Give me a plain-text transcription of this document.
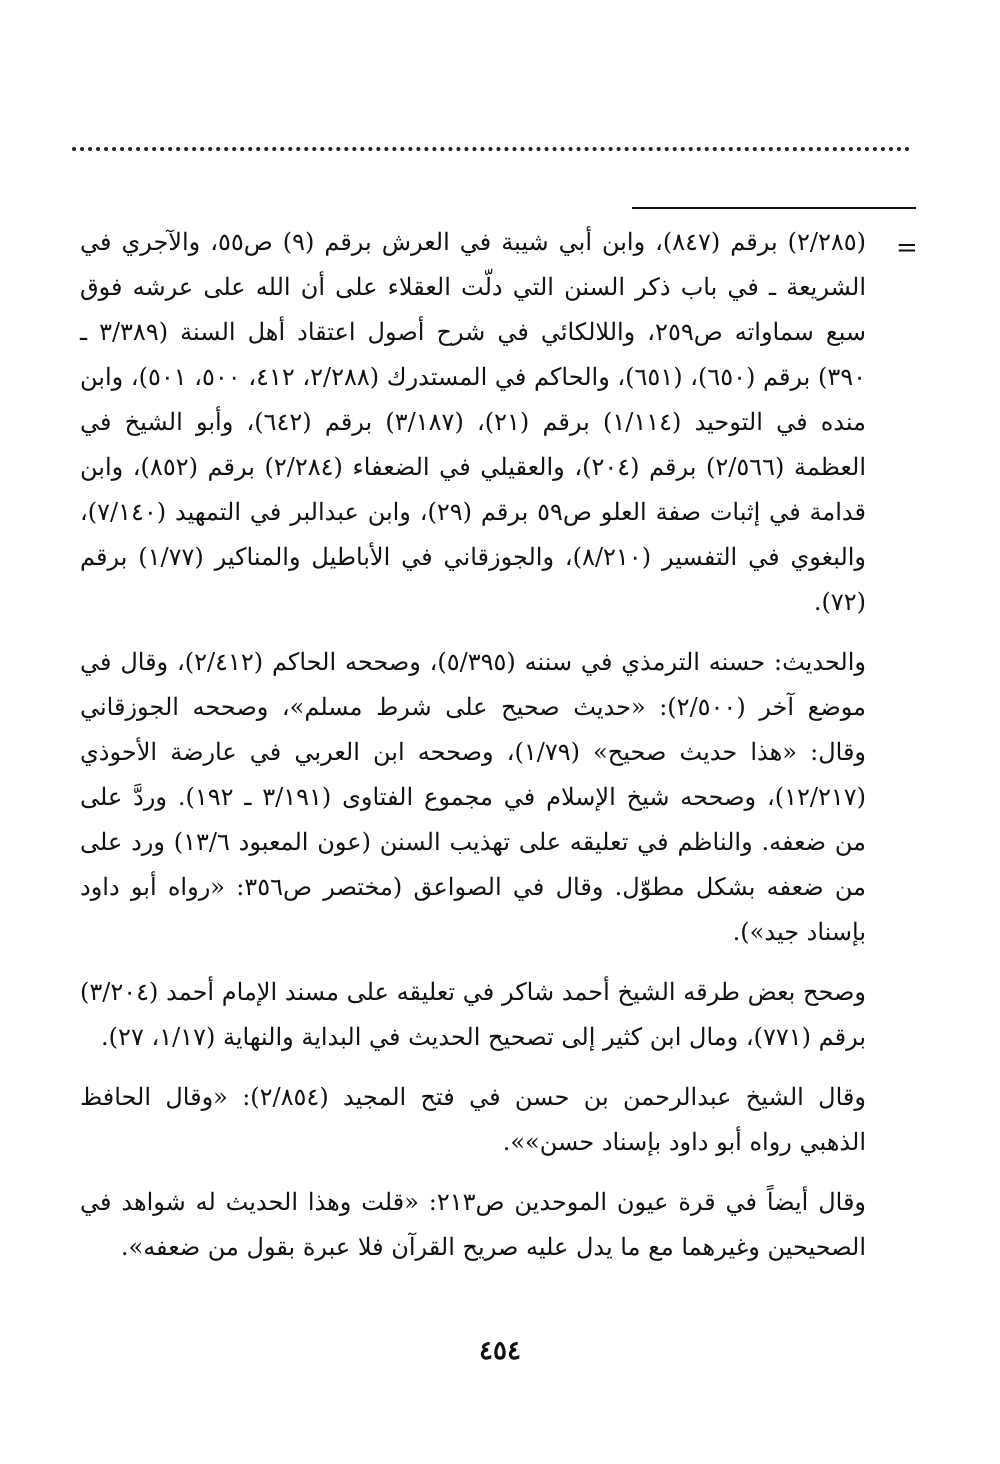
=

(٢/٢٨٥) برقم (٨٤٧)، وابن أبي شيبة في العرش برقم (٩) ص٥٥، والآجري في الشريعة ـ في باب ذكر السنن التي دلّت العقلاء على أن الله على عرشه فوق سبع سماواته ص٢٥٩، واللالكائي في شرح أصول اعتقاد أهل السنة (٣/٣٨٩ ـ ٣٩٠) برقم (٦٥٠)، (٦٥١)، والحاكم في المستدرك (٢/٢٨٨، ٤١٢، ٥٠٠، ٥٠١)، وابن منده في التوحيد (١/١١٤) برقم (٢١)، (٣/١٨٧) برقم (٦٤٢)، وأبو الشيخ في العظمة (٢/٥٦٦) برقم (٢٠٤)، والعقيلي في الضعفاء (٢/٢٨٤) برقم (٨٥٢)، وابن قدامة في إثبات صفة العلو ص٥٩ برقم (٢٩)، وابن عبدالبر في التمهيد (٧/١٤٠)، والبغوي في التفسير (٨/٢١٠)، والجوزقاني في الأباطيل والمناكير (١/٧٧) برقم (٧٢).

والحديث: حسنه الترمذي في سننه (٥/٣٩٥)، وصححه الحاكم (٢/٤١٢)، وقال في موضع آخر (٢/٥٠٠): «حديث صحيح على شرط مسلم»، وصححه الجوزقاني وقال: «هذا حديث صحيح» (١/٧٩)، وصححه ابن العربي في عارضة الأحوذي (١٢/٢١٧)، وصححه شيخ الإسلام في مجموع الفتاوى (٣/١٩١ ـ ١٩٢). وردَّ على من ضعفه. والناظم في تعليقه على تهذيب السنن (عون المعبود ١٣/٦) ورد على من ضعفه بشكل مطوّل. وقال في الصواعق (مختصر ص٣٥٦: «رواه أبو داود بإسناد جيد»).

وصحح بعض طرقه الشيخ أحمد شاكر في تعليقه على مسند الإمام أحمد (٣/٢٠٤) برقم (٧٧١)، ومال ابن كثير إلى تصحيح الحديث في البداية والنهاية (١/١٧، ٢٧).

وقال الشيخ عبدالرحمن بن حسن في فتح المجيد (٢/٨٥٤): «وقال الحافظ الذهبي رواه أبو داود بإسناد حسن»».

وقال أيضاً في قرة عيون الموحدين ص٢١٣: «قلت وهذا الحديث له شواهد في الصحيحين وغيرهما مع ما يدل عليه صريح القرآن فلا عبرة بقول من ضعفه».

٤٥٤
